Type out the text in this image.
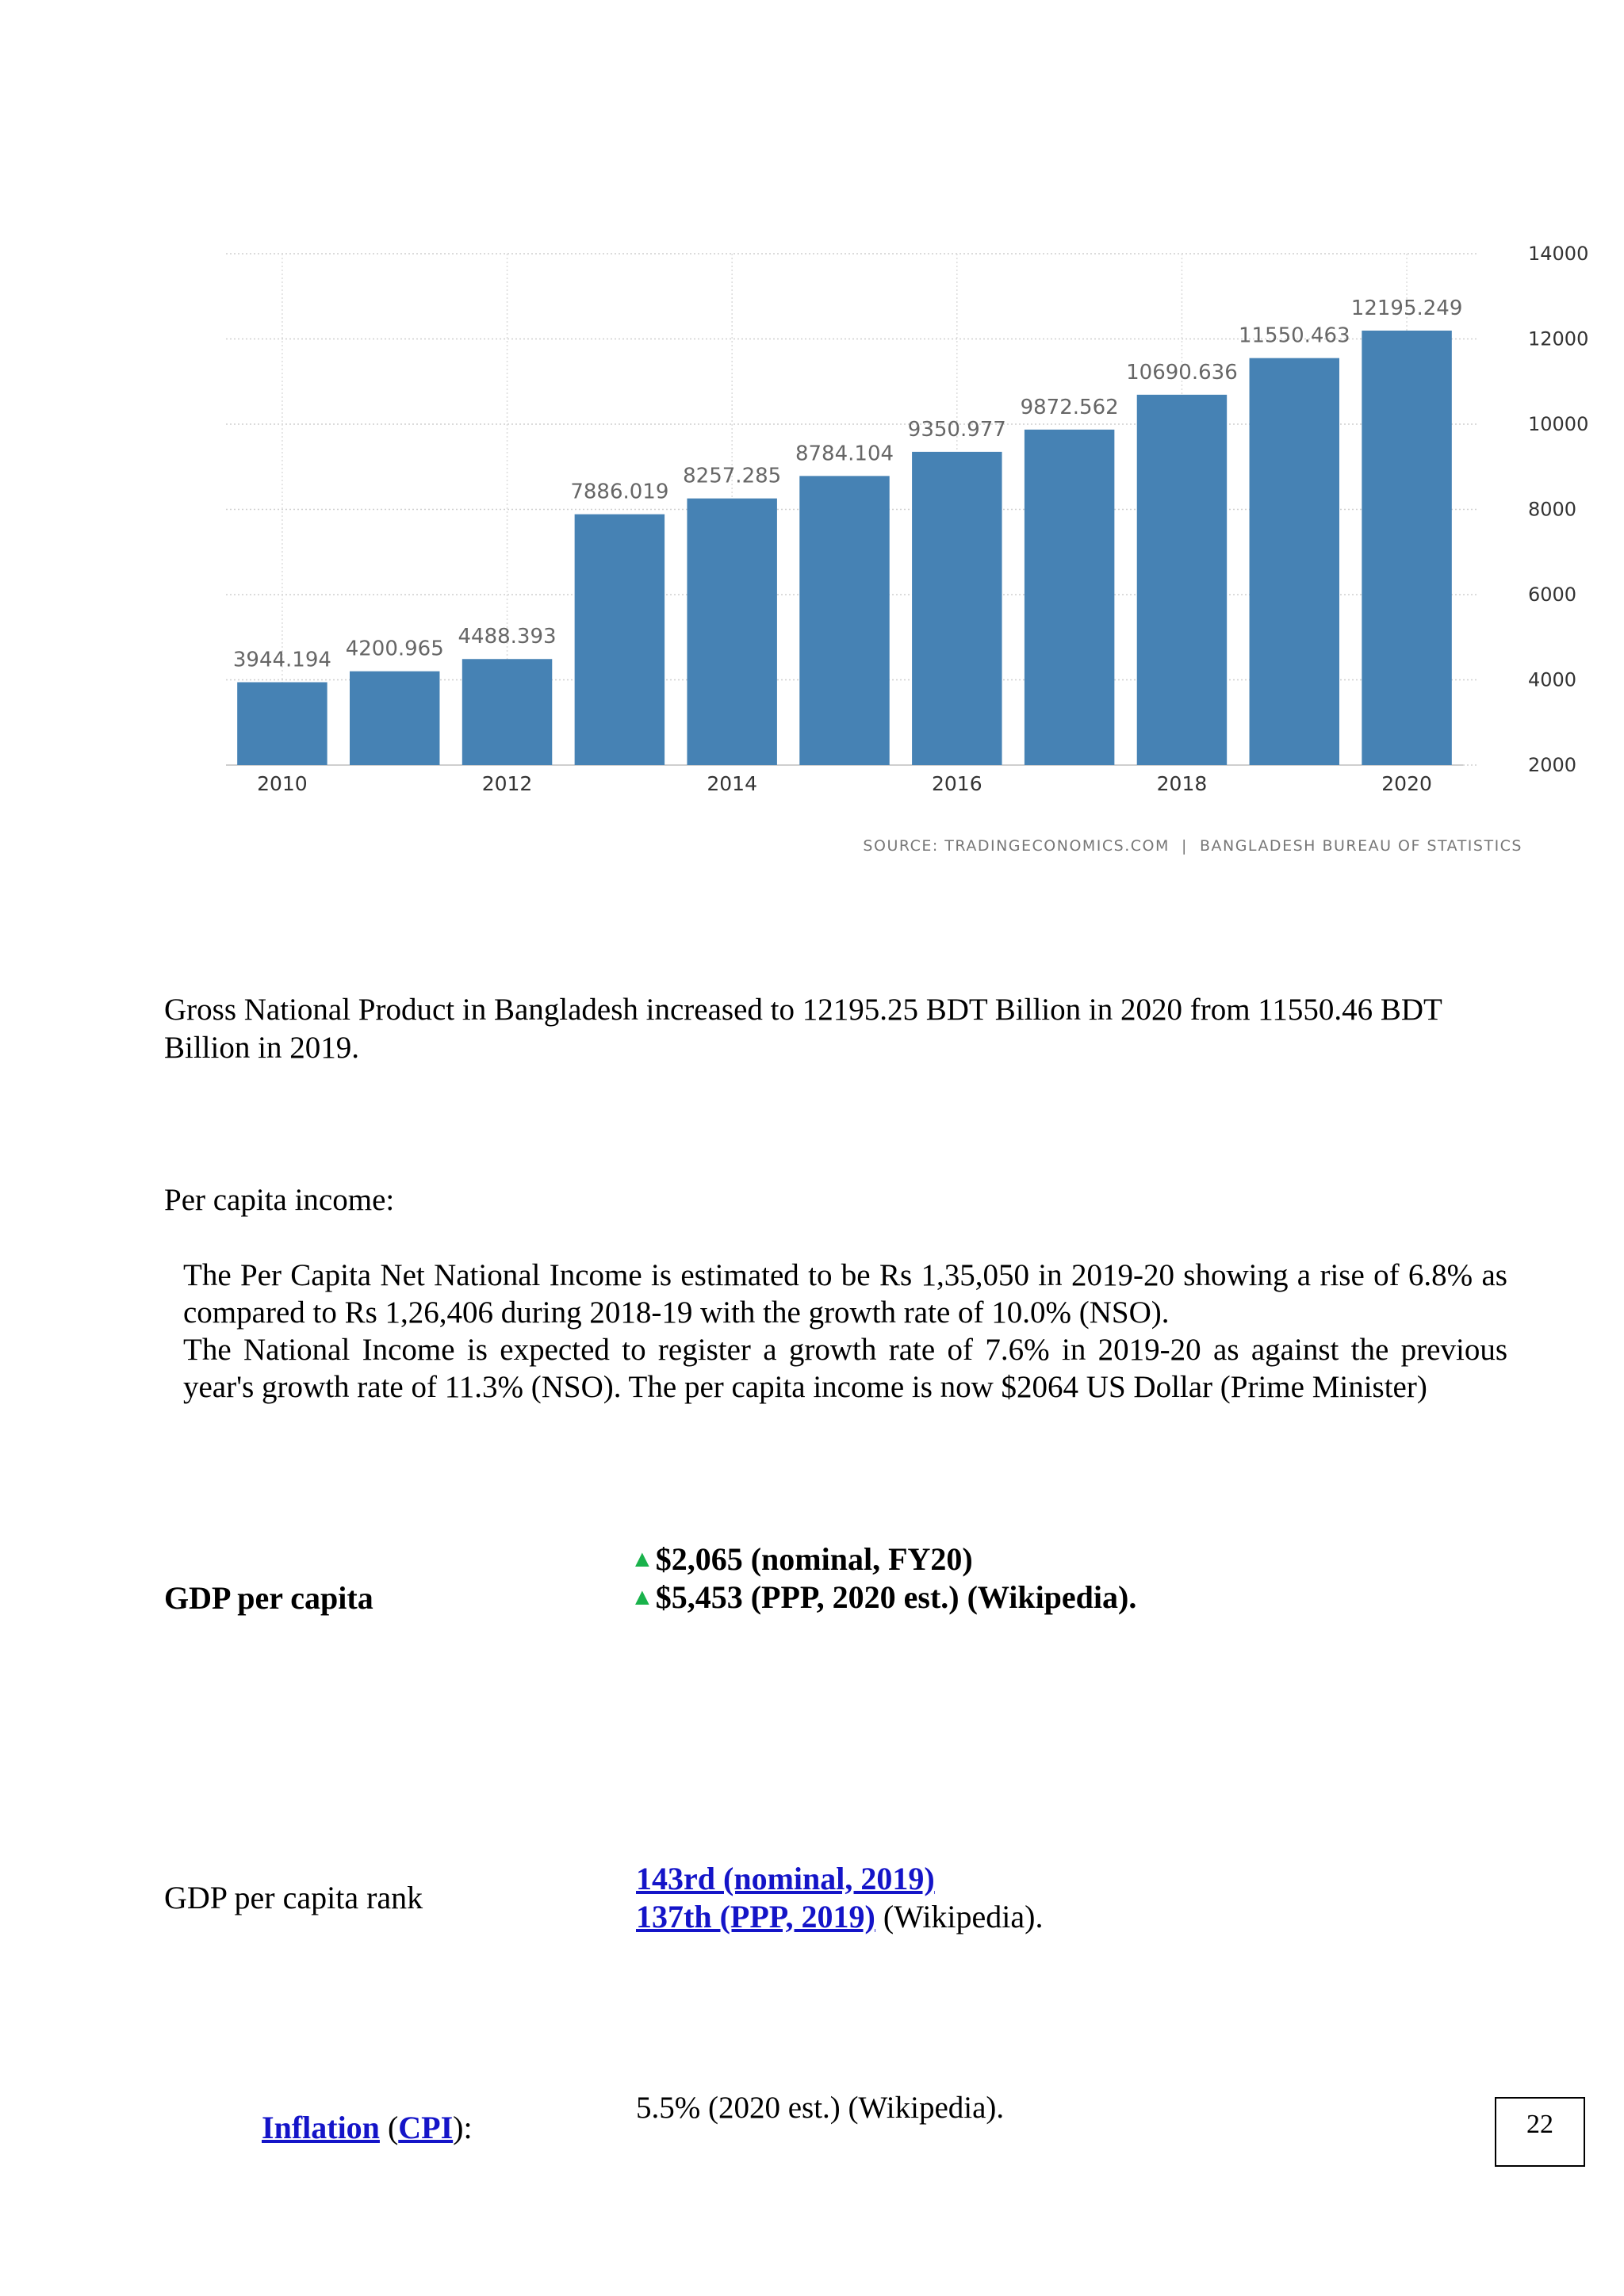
3944.194 4200.965
4488.393
7886.019
8257.285
8784.104
9350.977
9872.562
10690.636
11550.463
12195.249
2000
4000
6000
8000
10000
12000
14000
2010	2012	2014	2016	2018	2020
SOURCE: TRADINGECONOMICS.COM  |  BANGLADESH BUREAU OF STATISTICS

Gross National Product in Bangladesh increased to 12195.25 BDT Billion in 2020 from 11550.46 BDT Billion in 2019.

Per capita income:

The Per Capita Net National Income is estimated to be Rs 1,35,050 in 2019-20 showing a rise of 6.8% as compared to Rs 1,26,406 during 2018-19 with the growth rate of 10.0% (NSO).

The National Income is expected to register a growth rate of 7.6% in 2019-20 as against the previous year's growth rate of 11.3% (NSO). The per capita income is now $2064 US Dollar (Prime Minister)

GDP per capita
▲$2,065 (nominal, FY20)
▲$5,453 (PPP, 2020 est.) (Wikipedia).
GDP per capita rank
143rd (nominal, 2019)
137th (PPP, 2019) (Wikipedia).
Inflation (CPI):
5.5% (2020 est.) (Wikipedia).	22
